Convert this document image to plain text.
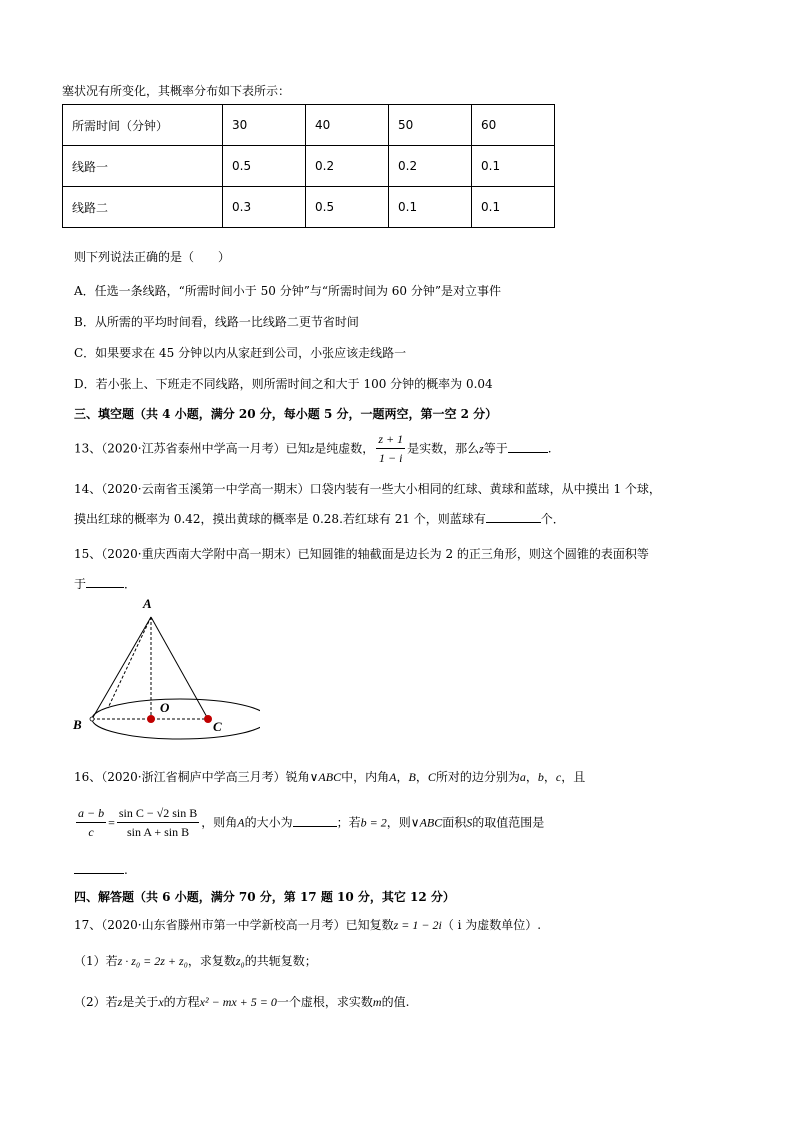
塞状况有所变化，其概率分布如下表所示：
所需时间（分钟）	30	40	50	60
线路一	0.5	0.2	0.2	0.1
线路二	0.3	0.5	0.1	0.1
则下列说法正确的是（　　）
A．任选一条线路，“所需时间小于 50 分钟”与“所需时间为 60 分钟”是对立事件
B．从所需的平均时间看，线路一比线路二更节省时间
C．如果要求在 45 分钟以内从家赶到公司，小张应该走线路一
D．若小张上、下班走不同线路，则所需时间之和大于 100 分钟的概率为 0.04
三、填空题（共 4 小题，满分 20 分，每小题 5 分，一题两空，第一空 2 分）
13、（2020·江苏省泰州中学高一月考）已知z是纯虚数， $\frac{z + 1}{1 - i}$ 是实数，那么z等于	.
14、（2020·云南省玉溪第一中学高一期末）口袋内装有一些大小相同的红球、黄球和蓝球，从中摸出 1 个球，
摸出红球的概率为 0.42，摸出黄球的概率是 0.28.若红球有 21 个，则蓝球有	个．
15、（2020·重庆西南大学附中高一期末）已知圆锥的轴截面是边长为 2 的正三角形，则这个圆锥的表面积等
于	．
A
B
O
C
16、（2020·浙江省桐庐中学高三月考）锐角∨ABC中，内角A，B，C所对的边分别为a，b，c，且
$\frac{a - b}{c} = \frac{\text{sin C − √2 sin B}}{\text{sin A + sin B}}$ ，则角A的大小为	；若b = 2，则∨ABC面积S的取值范围是
.
四、解答题（共 6 小题，满分 70 分，第 17 题 10 分，其它 12 分）
17、（2020·山东省滕州市第一中学新校高一月考）已知复数z = 1 − 2i（ i 为虚数单位）.
（1）若z · z₀ = 2z + z₀，求复数z₀的共轭复数；
（2）若z是关于x的方程x² − mx + 5 = 0一个虚根，求实数m的值.
